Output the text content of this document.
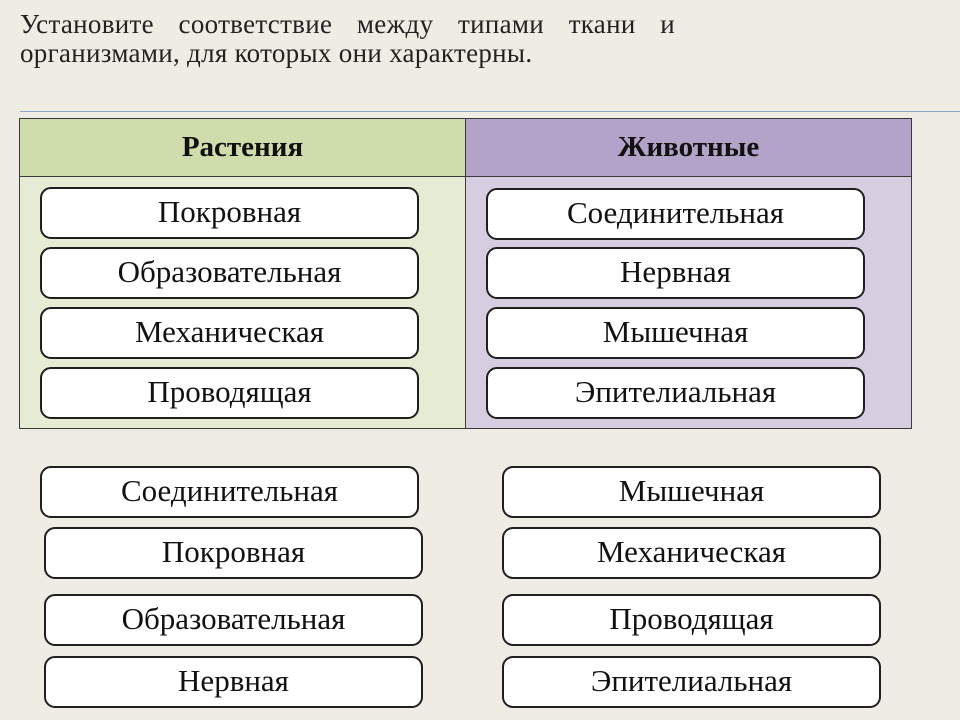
Установите соответствие между типами ткани и организмами, для которых они характерны.
Растения
Покровная
Образовательная
Механическая
Проводящая
Животные
Соединительная
Нервная
Мышечная
Эпителиальная
Соединительная
Покровная
Образовательная
Нервная
Мышечная
Механическая
Проводящая
Эпителиальная
